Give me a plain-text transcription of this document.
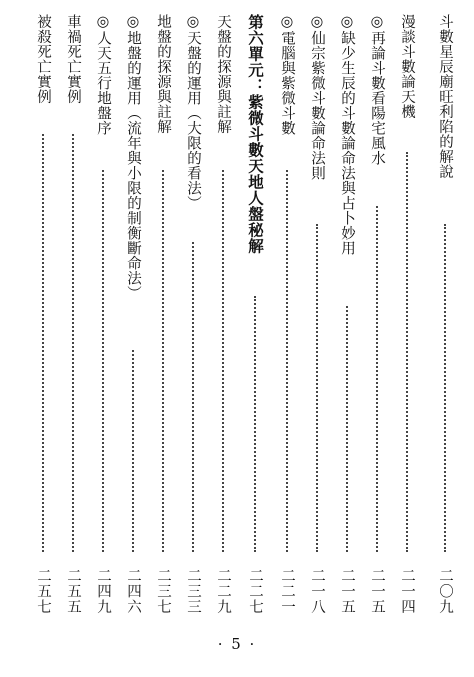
斗數星辰廟旺利陷的解說
二〇九
漫談斗數論天機
二一四
◎再論斗數看陽宅風水
二一五
◎缺少生辰的斗數論命法與占卜妙用
二一五
◎仙宗紫微斗數論命法則
二一八
◎電腦與紫微斗數
二二一
第六單元：紫微斗數天地人盤秘解
二二七
天盤的探源與註解
二二九
◎天盤的運用（大限的看法）
二三三
地盤的探源與註解
二三七
◎地盤的運用（流年與小限的制衡斷命法）
二四六
◎人天五行地盤序
二四九
車禍死亡實例
二五五
被殺死亡實例
二五七
· 5 ·
